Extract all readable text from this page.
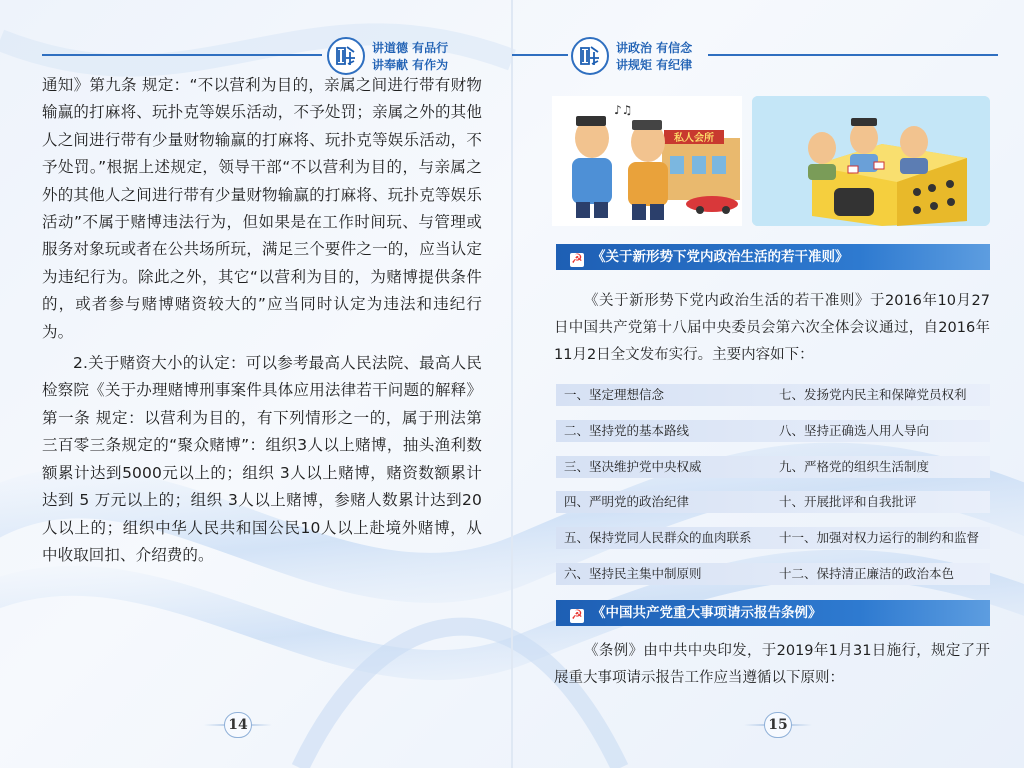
讲道德 有品行
讲奉献 有作为

通知》第九条 规定：“不以营利为目的，亲属之间进行带有财物输赢的打麻将、玩扑克等娱乐活动，不予处罚；亲属之外的其他人之间进行带有少量财物输赢的打麻将、玩扑克等娱乐活动，不予处罚。”根据上述规定，领导干部“不以营利为目的，与亲属之外的其他人之间进行带有少量财物输赢的打麻将、玩扑克等娱乐活动”不属于赌博违法行为，但如果是在工作时间玩、与管理或服务对象玩或者在公共场所玩，满足三个要件之一的，应当认定为违纪行为。除此之外，其它“以营利为目的，为赌博提供条件的，或者参与赌博赌资较大的”应当同时认定为违法和违纪行为。

2.关于赌资大小的认定：可以参考最高人民法院、最高人民检察院《关于办理赌博刑事案件具体应用法律若干问题的解释》第一条 规定：以营利为目的，有下列情形之一的，属于刑法第三百零三条规定的“聚众赌博”：组织3人以上赌博，抽头渔利数额累计达到5000元以上的；组织 3人以上赌博，赌资数额累计达到 5 万元以上的；组织 3人以上赌博，参赌人数累计达到20人以上的；组织中华人民共和国公民10人以上赴境外赌博，从中收取回扣、介绍费的。

14
讲政治 有信念
讲规矩 有纪律
私人会所
♪♫
☭ 《关于新形势下党内政治生活的若干准则》
《关于新形势下党内政治生活的若干准则》于2016年10月27日中国共产党第十八届中央委员会第六次全体会议通过，自2016年11月2日全文发布实行。主要内容如下：
一、坚定理想信念	七、发扬党内民主和保障党员权利
二、坚持党的基本路线	八、坚持正确选人用人导向
三、坚决维护党中央权威	九、严格党的组织生活制度
四、严明党的政治纪律	十、开展批评和自我批评
五、保持党同人民群众的血肉联系 十一、加强对权力运行的制约和监督
六、坚持民主集中制原则	十二、保持清正廉洁的政治本色
☭ 《中国共产党重大事项请示报告条例》
《条例》由中共中央印发，于2019年1月31日施行，规定了开展重大事项请示报告工作应当遵循以下原则：
15
